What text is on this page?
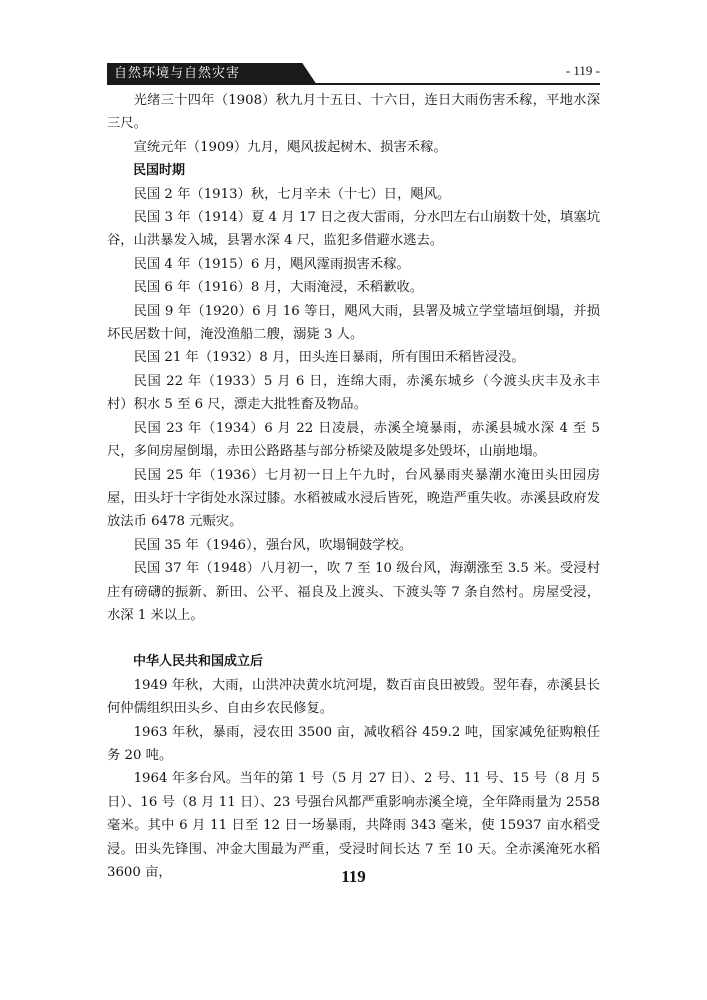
自然环境与自然灾害	- 119 -

光绪三十四年（1908）秋九月十五日、十六日，连日大雨伤害禾稼，平地水深三尺。

宣统元年（1909）九月，飓风拔起树木、损害禾稼。

民国时期

民国 2 年（1913）秋，七月辛未（十七）日，飓风。

民国 3 年（1914）夏 4 月 17 日之夜大雷雨，分水凹左右山崩数十处，填塞坑谷，山洪暴发入城，县署水深 4 尺，监犯多借避水逃去。

民国 4 年（1915）6 月，飓风霪雨损害禾稼。

民国 6 年（1916）8 月，大雨淹浸，禾稻歉收。

民国 9 年（1920）6 月 16 等日，飓风大雨，县署及城立学堂墙垣倒塌，并损坏民居数十间，淹没渔船二艘，溺毙 3 人。

民国 21 年（1932）8 月，田头连日暴雨，所有围田禾稻皆浸没。

民国 22 年（1933）5 月 6 日，连绵大雨，赤溪东城乡（今渡头庆丰及永丰村）积水 5 至 6 尺，漂走大批牲畜及物品。

民国 23 年（1934）6 月 22 日凌晨，赤溪全境暴雨，赤溪县城水深 4 至 5 尺，多间房屋倒塌，赤田公路路基与部分桥梁及陂堤多处毁坏，山崩地塌。

民国 25 年（1936）七月初一日上午九时，台风暴雨夹暴潮水淹田头田园房屋，田头圩十字街处水深过膝。水稻被咸水浸后皆死，晚造严重失收。赤溪县政府发放法币 6478 元赈灾。

民国 35 年（1946），强台风，吹塌铜鼓学校。

民国 37 年（1948）八月初一，吹 7 至 10 级台风，海潮涨至 3.5 米。受浸村庄有磅礴的振新、新田、公平、福良及上渡头、下渡头等 7 条自然村。房屋受浸，水深 1 米以上。

中华人民共和国成立后

1949 年秋，大雨，山洪冲决黄水坑河堤，数百亩良田被毁。翌年春，赤溪县长何仲儒组织田头乡、自由乡农民修复。

1963 年秋，暴雨，浸农田 3500 亩，减收稻谷 459.2 吨，国家减免征购粮任务 20 吨。

1964 年多台风。当年的第 1 号（5 月 27 日）、2 号、11 号、15 号（8 月 5 日）、16 号（8 月 11 日）、23 号强台风都严重影响赤溪全境，全年降雨量为 2558 毫米。其中 6 月 11 日至 12 日一场暴雨，共降雨 343 毫米，使 15937 亩水稻受浸。田头先锋围、冲金大围最为严重，受浸时间长达 7 至 10 天。全赤溪淹死水稻 3600 亩，	119
